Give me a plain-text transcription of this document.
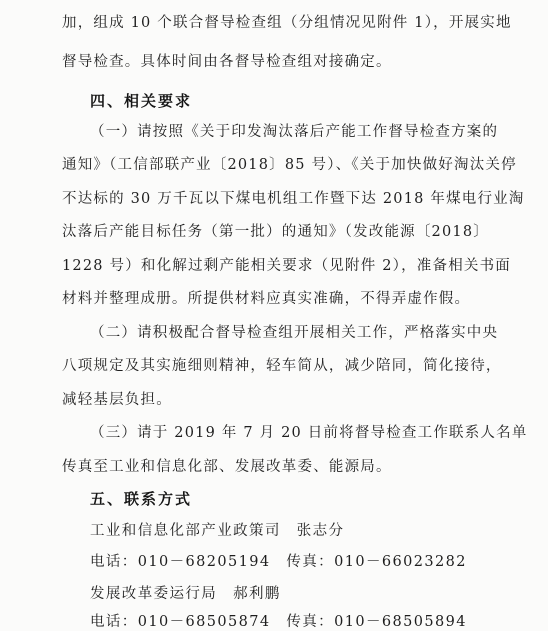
加，组成 10 个联合督导检查组（分组情况见附件 1），开展实地
督导检查。具体时间由各督导检查组对接确定。
四、相关要求
（一）请按照《关于印发淘汰落后产能工作督导检查方案的
通知》（工信部联产业〔2018〕85 号）、《关于加快做好淘汰关停
不达标的 30 万千瓦以下煤电机组工作暨下达 2018 年煤电行业淘
汰落后产能目标任务（第一批）的通知》（发改能源〔2018〕
1228 号）和化解过剩产能相关要求（见附件 2），准备相关书面
材料并整理成册。所提供材料应真实准确，不得弄虚作假。
（二）请积极配合督导检查组开展相关工作，严格落实中央
八项规定及其实施细则精神，轻车简从，减少陪同，简化接待，
减轻基层负担。
（三）请于 2019 年 7 月 20 日前将督导检查工作联系人名单
传真至工业和信息化部、发展改革委、能源局。
五、联系方式
工业和信息化部产业政策司　张志分
电话：010－68205194　传真：010－66023282
发展改革委运行局　郝利鹏
电话：010－68505874　传真：010－68505894
